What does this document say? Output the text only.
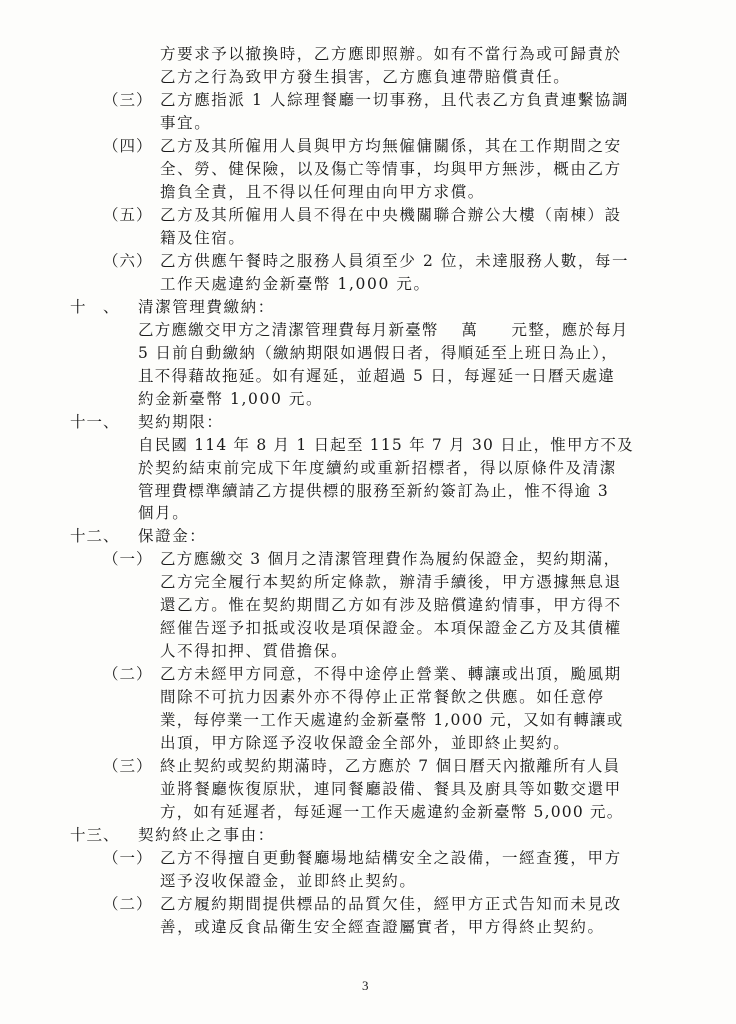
方要求予以撤換時，乙方應即照辦。如有不當行為或可歸責於
乙方之行為致甲方發生損害，乙方應負連帶賠償責任。
（三） 乙方應指派 1 人綜理餐廳一切事務，且代表乙方負責連繫協調
事宜。
（四） 乙方及其所僱用人員與甲方均無僱傭關係，其在工作期間之安
全、勞、健保險，以及傷亡等情事，均與甲方無涉，概由乙方
擔負全責，且不得以任何理由向甲方求償。
（五） 乙方及其所僱用人員不得在中央機關聯合辦公大樓（南棟）設
籍及住宿。
（六） 乙方供應午餐時之服務人員須至少 2 位，未達服務人數，每一
工作天處違約金新臺幣 1,000 元。
十　、 清潔管理費繳納：
乙方應繳交甲方之清潔管理費每月新臺幣　 萬　　元整，應於每月
5 日前自動繳納（繳納期限如遇假日者，得順延至上班日為止），
且不得藉故拖延。如有遲延，並超過 5 日，每遲延一日曆天處違
約金新臺幣 1,000 元。
十一、 契約期限：
自民國 114 年 8 月 1 日起至 115 年 7 月 30 日止，惟甲方不及
於契約結束前完成下年度續約或重新招標者，得以原條件及清潔
管理費標準續請乙方提供標的服務至新約簽訂為止，惟不得逾 3
個月。
十二、 保證金：
（一） 乙方應繳交 3 個月之清潔管理費作為履約保證金，契約期滿，
乙方完全履行本契約所定條款，辦清手續後，甲方憑據無息退
還乙方。惟在契約期間乙方如有涉及賠償違約情事，甲方得不
經催告逕予扣抵或沒收是項保證金。本項保證金乙方及其債權
人不得扣押、質借擔保。
（二） 乙方未經甲方同意，不得中途停止營業、轉讓或出頂，颱風期
間除不可抗力因素外亦不得停止正常餐飲之供應。如任意停
業，每停業一工作天處違約金新臺幣 1,000 元，又如有轉讓或
出頂，甲方除逕予沒收保證金全部外，並即終止契約。
（三） 終止契約或契約期滿時，乙方應於 7 個日曆天內撤離所有人員
並將餐廳恢復原狀，連同餐廳設備、餐具及廚具等如數交還甲
方，如有延遲者，每延遲一工作天處違約金新臺幣 5,000 元。
十三、 契約終止之事由：
（一） 乙方不得擅自更動餐廳場地結構安全之設備，一經查獲，甲方
逕予沒收保證金，並即終止契約。
（二） 乙方履約期間提供標品的品質欠佳，經甲方正式告知而未見改
善，或違反食品衛生安全經查證屬實者，甲方得終止契約。
3
